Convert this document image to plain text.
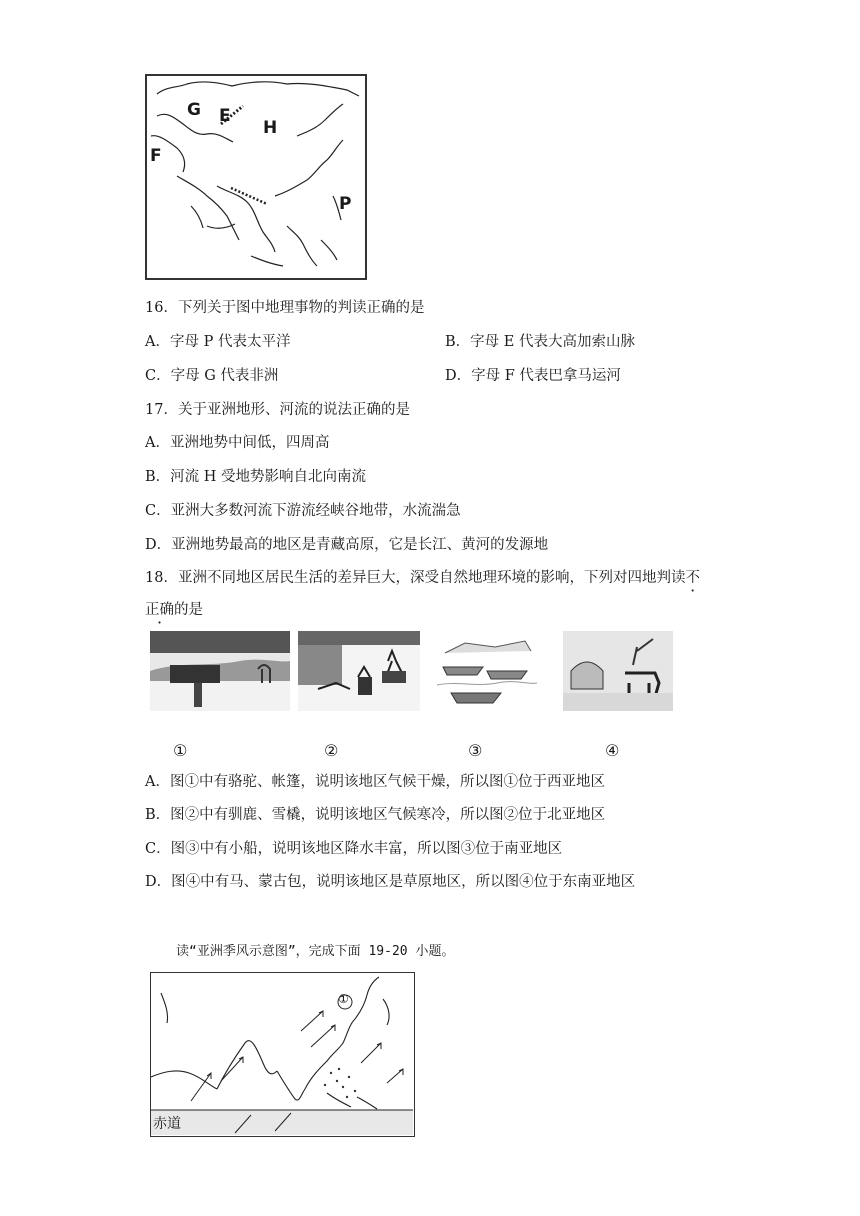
G E
H
F
P
16．下列关于图中地理事物的判读正确的是
A．字母 P 代表太平洋	B．字母 E 代表大高加索山脉
C．字母 G 代表非洲	D．字母 F 代表巴拿马运河
17．关于亚洲地形、河流的说法正确的是
A．亚洲地势中间低，四周高
B．河流 H 受地势影响自北向南流
C．亚洲大多数河流下游流经峡谷地带，水流湍急
D．亚洲地势最高的地区是青藏高原，它是长江、黄河的发源地
18．亚洲不同地区居民生活的差异巨大，深受自然地理环境的影响，下列对四地判读不
正确的是
①	②	③	④
A．图①中有骆驼、帐篷，说明该地区气候干燥，所以图①位于西亚地区
B．图②中有驯鹿、雪橇，说明该地区气候寒冷，所以图②位于北亚地区
C．图③中有小船，说明该地区降水丰富，所以图③位于南亚地区
D．图④中有马、蒙古包，说明该地区是草原地区，所以图④位于东南亚地区
读“亚洲季风示意图”，完成下面 19-20 小题。
①
赤道
